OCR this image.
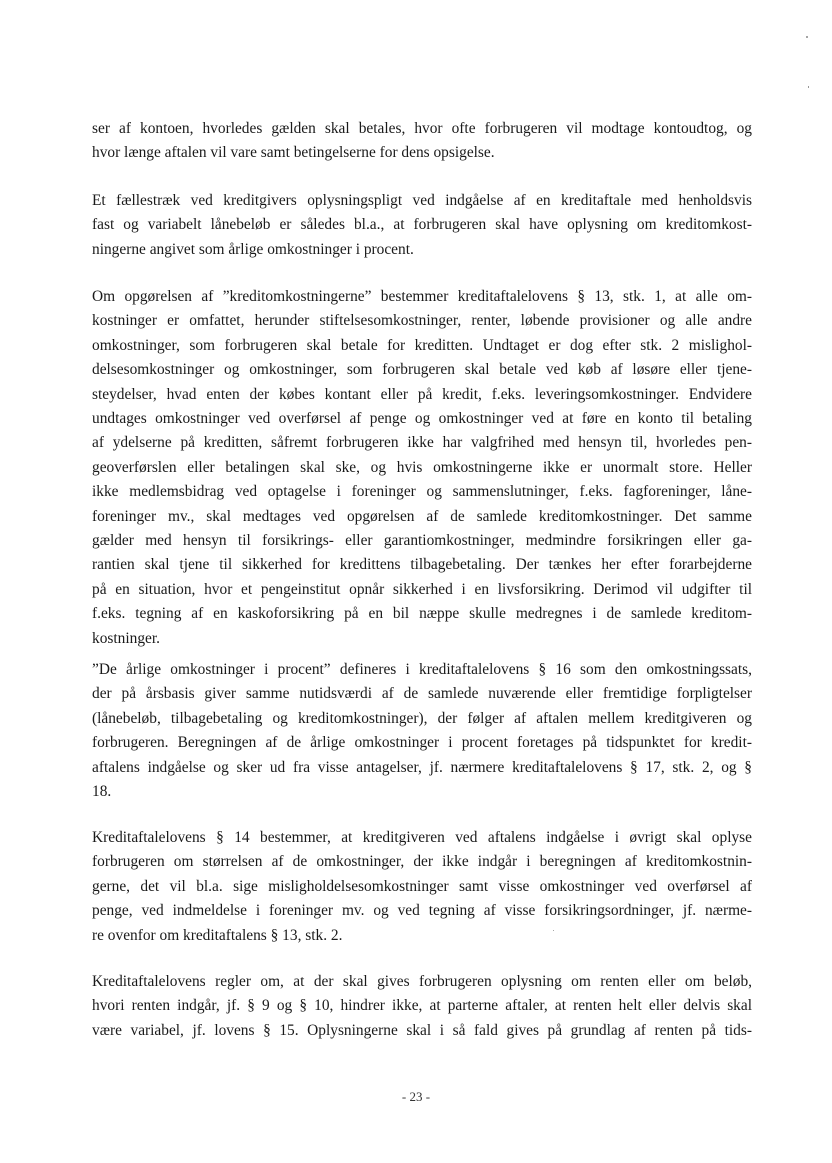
ser af kontoen, hvorledes gælden skal betales, hvor ofte forbrugeren vil modtage kontoudtog, og
hvor længe aftalen vil vare samt betingelserne for dens opsigelse.

Et fællestræk ved kreditgivers oplysningspligt ved indgåelse af en kreditaftale med henholdsvis
fast og variabelt lånebeløb er således bl.a., at forbrugeren skal have oplysning om kreditomkost-
ningerne angivet som årlige omkostninger i procent.

Om opgørelsen af ”kreditomkostningerne” bestemmer kreditaftalelovens § 13, stk. 1, at alle om-
kostninger er omfattet, herunder stiftelsesomkostninger, renter, løbende provisioner og alle andre
omkostninger, som forbrugeren skal betale for kreditten. Undtaget er dog efter stk. 2 mislighol-
delsesomkostninger og omkostninger, som forbrugeren skal betale ved køb af løsøre eller tjene-
steydelser, hvad enten der købes kontant eller på kredit, f.eks. leveringsomkostninger. Endvidere
undtages omkostninger ved overførsel af penge og omkostninger ved at føre en konto til betaling
af ydelserne på kreditten, såfremt forbrugeren ikke har valgfrihed med hensyn til, hvorledes pen-
geoverførslen eller betalingen skal ske, og hvis omkostningerne ikke er unormalt store. Heller
ikke medlemsbidrag ved optagelse i foreninger og sammenslutninger, f.eks. fagforeninger, låne-
foreninger mv., skal medtages ved opgørelsen af de samlede kreditomkostninger. Det samme
gælder med hensyn til forsikrings- eller garantiomkostninger, medmindre forsikringen eller ga-
rantien skal tjene til sikkerhed for kredittens tilbagebetaling. Der tænkes her efter forarbejderne
på en situation, hvor et pengeinstitut opnår sikkerhed i en livsforsikring. Derimod vil udgifter til
f.eks. tegning af en kaskoforsikring på en bil næppe skulle medregnes i de samlede kreditom-
kostninger.

”De årlige omkostninger i procent” defineres i kreditaftalelovens § 16 som den omkostningssats,
der på årsbasis giver samme nutidsværdi af de samlede nuværende eller fremtidige forpligtelser
(lånebeløb, tilbagebetaling og kreditomkostninger), der følger af aftalen mellem kreditgiveren og
forbrugeren. Beregningen af de årlige omkostninger i procent foretages på tidspunktet for kredit-
aftalens indgåelse og sker ud fra visse antagelser, jf. nærmere kreditaftalelovens § 17, stk. 2, og §
18.

Kreditaftalelovens § 14 bestemmer, at kreditgiveren ved aftalens indgåelse i øvrigt skal oplyse
forbrugeren om størrelsen af de omkostninger, der ikke indgår i beregningen af kreditomkostnin-
gerne, det vil bl.a. sige misligholdelsesomkostninger samt visse omkostninger ved overførsel af
penge, ved indmeldelse i foreninger mv. og ved tegning af visse forsikringsordninger, jf. nærme-
re ovenfor om kreditaftalens § 13, stk. 2.

Kreditaftalelovens regler om, at der skal gives forbrugeren oplysning om renten eller om beløb,
hvori renten indgår, jf. § 9 og § 10, hindrer ikke, at parterne aftaler, at renten helt eller delvis skal
være variabel, jf. lovens § 15. Oplysningerne skal i så fald gives på grundlag af renten på tids-

- 23 -
